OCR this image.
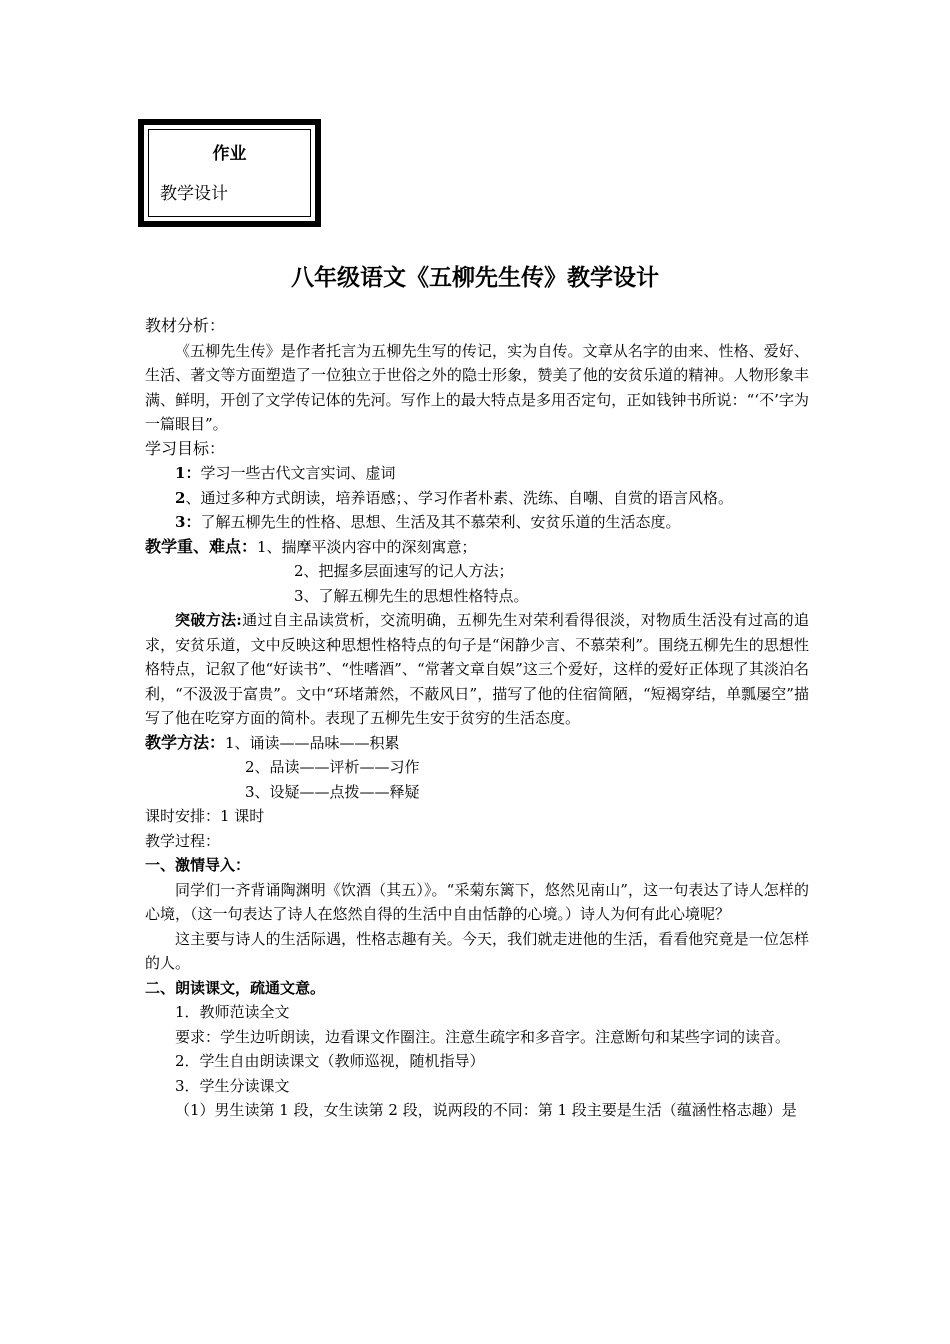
作业
教学设计
八年级语文《五柳先生传》教学设计

教材分析：

《五柳先生传》是作者托言为五柳先生写的传记，实为自传。文章从名字的由来、性格、爱好、生活、著文等方面塑造了一位独立于世俗之外的隐士形象，赞美了他的安贫乐道的精神。人物形象丰满、鲜明，开创了文学传记体的先河。写作上的最大特点是多用否定句，正如钱钟书所说：“‘不’字为一篇眼目”。

学习目标：

1：学习一些古代文言实词、虚词

2、通过多种方式朗读，培养语感；、学习作者朴素、洗练、自嘲、自赏的语言风格。

3：了解五柳先生的性格、思想、生活及其不慕荣利、安贫乐道的生活态度。

教学重、难点：1、揣摩平淡内容中的深刻寓意；

2、把握多层面速写的记人方法；

3、了解五柳先生的思想性格特点。

突破方法:通过自主品读赏析，交流明确，五柳先生对荣利看得很淡，对物质生活没有过高的追求，安贫乐道，文中反映这种思想性格特点的句子是“闲静少言、不慕荣利”。围绕五柳先生的思想性格特点，记叙了他“好读书”、“性嗜酒”、“常著文章自娱”这三个爱好，这样的爱好正体现了其淡泊名利，“不汲汲于富贵”。文中“环堵萧然，不蔽风日”，描写了他的住宿简陋，“短褐穿结，单瓢屡空”描写了他在吃穿方面的简朴。表现了五柳先生安于贫穷的生活态度。

教学方法：1、诵读——品味——积累

2、品读——评析——习作

3、设疑——点拨——释疑

课时安排：1 课时

教学过程：

一、激情导入：

同学们一齐背诵陶渊明《饮酒（其五）》。“采菊东篱下，悠然见南山”，这一句表达了诗人怎样的心境，（这一句表达了诗人在悠然自得的生活中自由恬静的心境。）诗人为何有此心境呢？

这主要与诗人的生活际遇，性格志趣有关。今天，我们就走进他的生活，看看他究竟是一位怎样的人。

二、朗读课文，疏通文意。

1．教师范读全文

要求：学生边听朗读，边看课文作圈注。注意生疏字和多音字。注意断句和某些字词的读音。

2．学生自由朗读课文（教师巡视，随机指导）

3．学生分读课文

（1）男生读第 1 段，女生读第 2 段，说两段的不同：第 1 段主要是生活（蕴涵性格志趣）是
